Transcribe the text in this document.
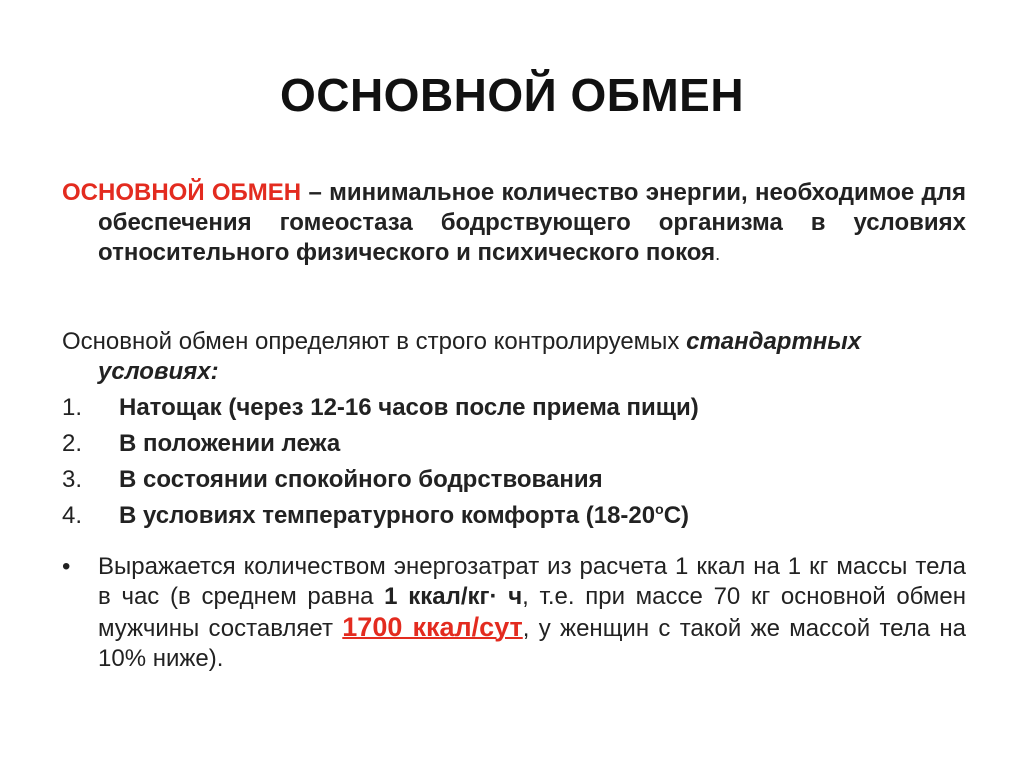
ОСНОВНОЙ ОБМЕН
ОСНОВНОЙ ОБМЕН – минимальное количество энергии, необходимое для обеспечения гомеостаза бодрствующего организма в условиях относительного физического и психического покоя.
Основной обмен определяют в строго контролируемых стандартных условиях:
1.	Натощак (через 12-16 часов после приема пищи)
2.	В положении лежа
3.	В состоянии спокойного бодрствования
4.	В условиях температурного комфорта $(18-20^оС)$
• Выражается количеством энергозатрат из расчета 1 ккал на 1 кг массы тела в час (в среднем равна 1 ккал/кг· ч, т.е. при массе 70 кг основной обмен мужчины составляет 1700 ккал/сут, у женщин с такой же массой тела на 10% ниже).
